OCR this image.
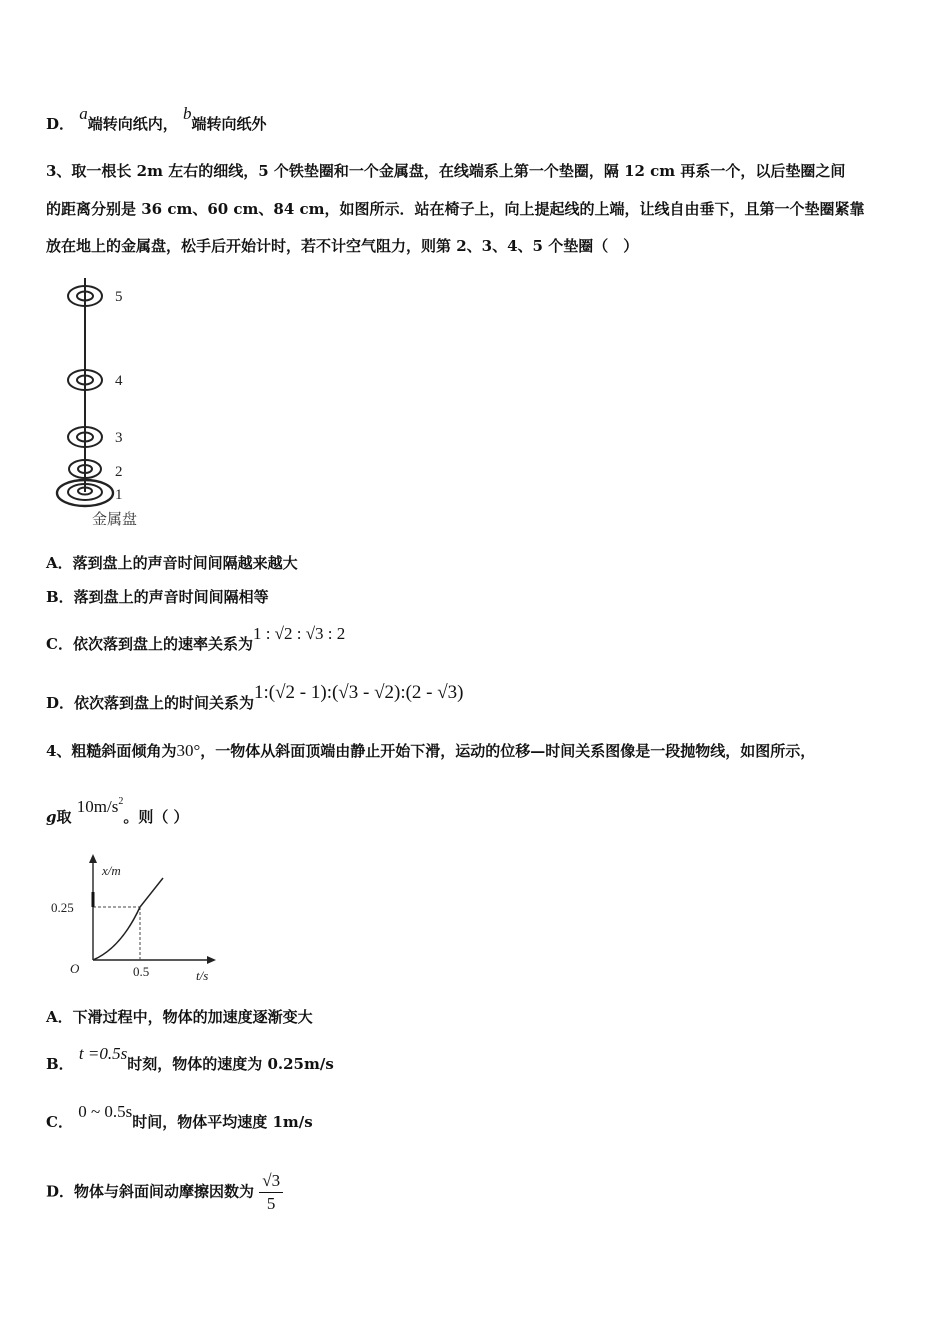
D． a端转向纸内， b端转向纸外
3、取一根长 2m 左右的细线，5 个铁垫圈和一个金属盘，在线端系上第一个垫圈，隔 12 cm 再系一个，以后垫圈之间
的距离分别是 36 cm、60 cm、84 cm，如图所示．站在椅子上，向上提起线的上端，让线自由垂下，且第一个垫圈紧靠
放在地上的金属盘，松手后开始计时，若不计空气阻力，则第 2、3、4、5 个垫圈（　）
5
4
3
2
1
金属盘
A．落到盘上的声音时间间隔越来越大
B．落到盘上的声音时间间隔相等
C．依次落到盘上的速率关系为1 : √2 : √3 : 2
D．依次落到盘上的时间关系为1:(√2 - 1):(√3 - √2):(2 - √3)
4、粗糙斜面倾角为30°，一物体从斜面顶端由静止开始下滑，运动的位移—时间关系图像是一段抛物线，如图所示，
g取 $10m/s^2$。则（ ）
x/m
0.25
O	0.5	t/s
A．下滑过程中，物体的加速度逐渐变大
B． t =0.5s时刻，物体的速度为 0.25m/s
C． 0 ~ 0.5s时间，物体平均速度 1m/s
D．物体与斜面间动摩擦因数为 $\frac{√3}{5}$
